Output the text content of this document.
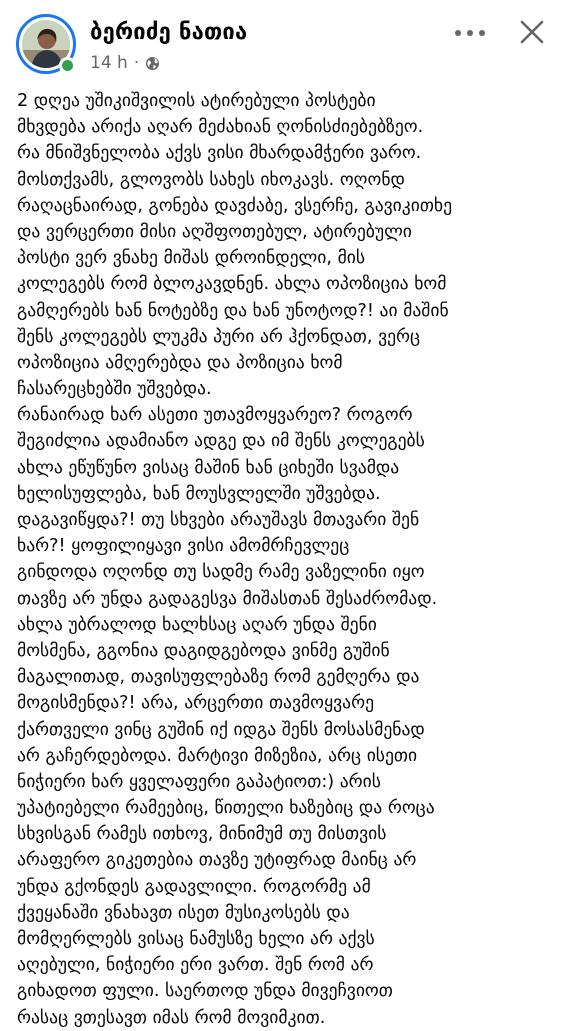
ბერიძე ნათია
14 h ·
2 დღეა უშიკიშვილის ატირებული პოსტები
მხვდება არიქა აღარ მეძახიან ღონისძიებებზეო.
რა მნიშვნელობა აქვს ვისი მხარდამჭერი ვარო.
მოსთქვამს, გლოვობს სახეს იხოკავს. ოღონდ
რაღაცნაირად, გონება დავძაბე, ვსერჩე, გავიკითხე
და ვერცერთი მისი აღშფოთებულ, ატირებული
პოსტი ვერ ვნახე მიშას დროინდელი, მის
კოლეგებს რომ ბლოკავდნენ. ახლა ოპოზიცია ხომ
გამღერებს ხან ნოტებზე და ხან უნოტოდ?! აი მაშინ
შენს კოლეგებს ლუკმა პური არ ჰქონდათ, ვერც
ოპოზიცია ამღერებდა და პოზიცია ხომ
ჩასარეცხებში უშვებდა.
რანაირად ხარ ასეთი უთავმოყვარეო? როგორ
შეგიძლია ადამიანო ადგე და იმ შენს კოლეგებს
ახლა ეწუწუნო ვისაც მაშინ ხან ციხეში სვამდა
ხელისუფლება, ხან მოუსვლელში უშვებდა.
დაგავიწყდა?! თუ სხვები არაუშავს მთავარი შენ
ხარ?! ყოფილიყავი ვისი ამომრჩევლეც
გინდოდა ოღონდ თუ სადმე რამე ვაზელინი იყო
თავზე არ უნდა გადაგესვა მიშასთან შესაძრომად.
ახლა უბრალოდ ხალხსაც აღარ უნდა შენი
მოსმენა, გგონია დაგიდგებოდა ვინმე გუშინ
მაგალითად, თავისუფლებაზე რომ გემღერა და
მოგისმენდა?! არა, არცერთი თავმოყვარე
ქართველი ვინც გუშინ იქ იდგა შენს მოსასმენად
არ გაჩერდებოდა. მარტივი მიზეზია, არც ისეთი
ნიჭიერი ხარ ყველაფერი გაპატიოთ:) არის
უპატიებელი რამეებიც, წითელი ხაზებიც და როცა
სხვისგან რამეს ითხოვ, მინიმუმ თუ მისთვის
არაფერო გიკეთებია თავზე უტიფრად მაინც არ
უნდა გქონდეს გადავლილი. როგორმე ამ
ქვეყანაში ვნახავთ ისეთ მუსიკოსებს და
მომღერლებს ვისაც ნამუსზე ხელი არ აქვს
აღებული, ნიჭიერი ერი ვართ. შენ რომ არ
გიხადოთ ფული. საერთოდ უნდა მივეჩვიოთ
რასაც ვთესავთ იმას რომ მოვიმკით.
